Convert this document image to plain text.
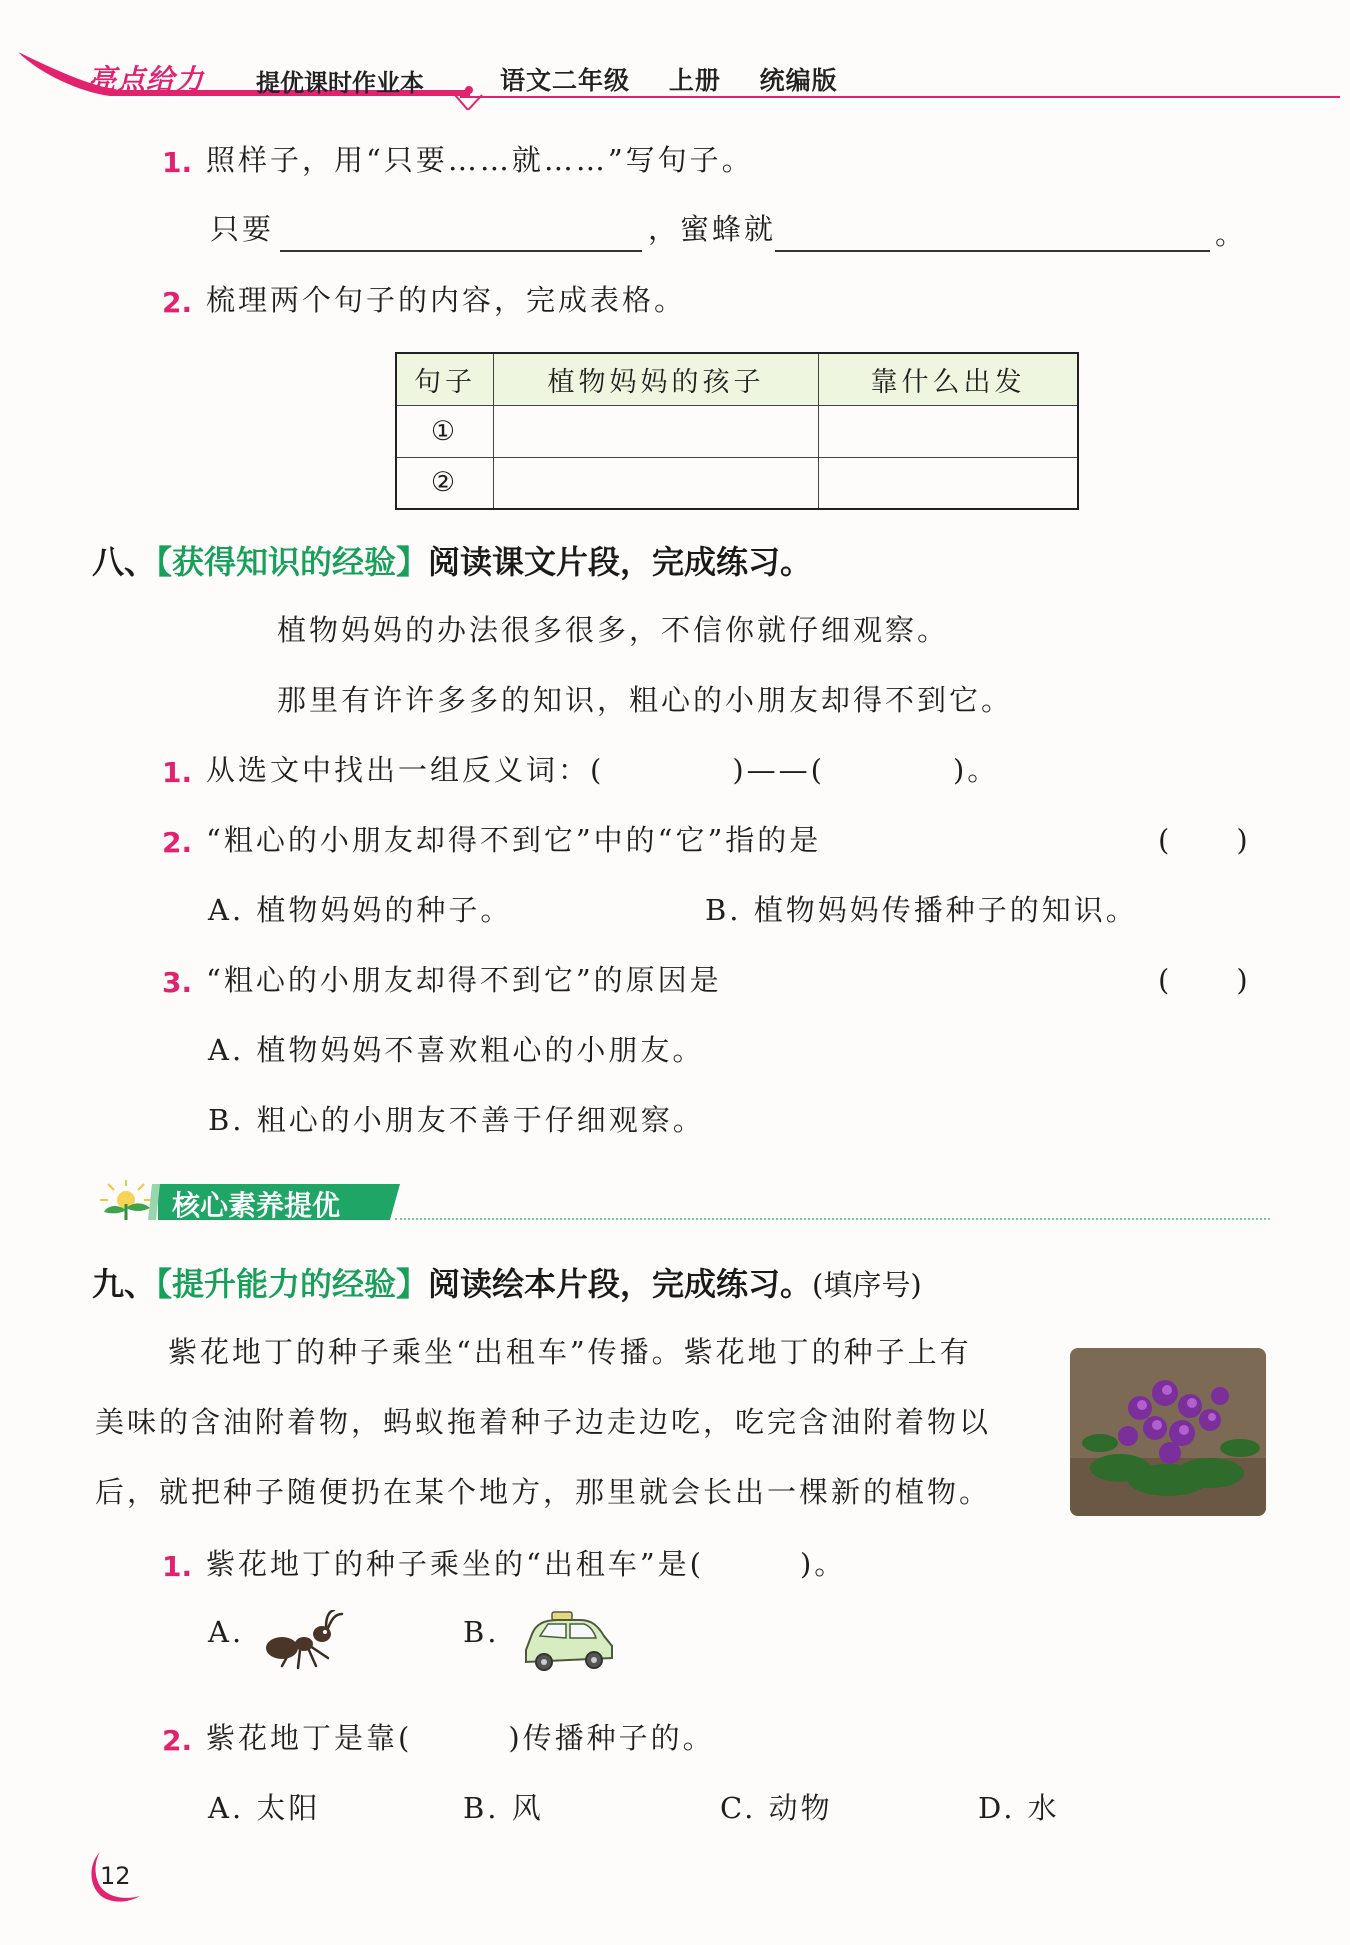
亮点给力 提优课时作业本	语文二年级    上册    统编版
1. 照样子，用“只要……就……”写句子。
只要	，蜜蜂就	。
2. 梳理两个句子的内容，完成表格。
句子	植物妈妈的孩子	靠什么出发
①		
②		
八、【获得知识的经验】阅读课文片段，完成练习。
植物妈妈的办法很多很多，不信你就仔细观察。
那里有许许多多的知识，粗心的小朋友却得不到它。
1. 从选文中找出一组反义词：(　　　　)——(　　　　)。
2. “粗心的小朋友却得不到它”中的“它”指的是	(　　)
A. 植物妈妈的种子。	B. 植物妈妈传播种子的知识。
3. “粗心的小朋友却得不到它”的原因是	(　　)
A. 植物妈妈不喜欢粗心的小朋友。
B. 粗心的小朋友不善于仔细观察。
核心素养提优
九、【提升能力的经验】阅读绘本片段，完成练习。(填序号)
紫花地丁的种子乘坐“出租车”传播。紫花地丁的种子上有
美味的含油附着物，蚂蚁拖着种子边走边吃，吃完含油附着物以
后，就把种子随便扔在某个地方，那里就会长出一棵新的植物。
1. 紫花地丁的种子乘坐的“出租车”是(　　　)。
A.	B.
2. 紫花地丁是靠(　　　)传播种子的。
A. 太阳	B. 风	C. 动物	D. 水
12
